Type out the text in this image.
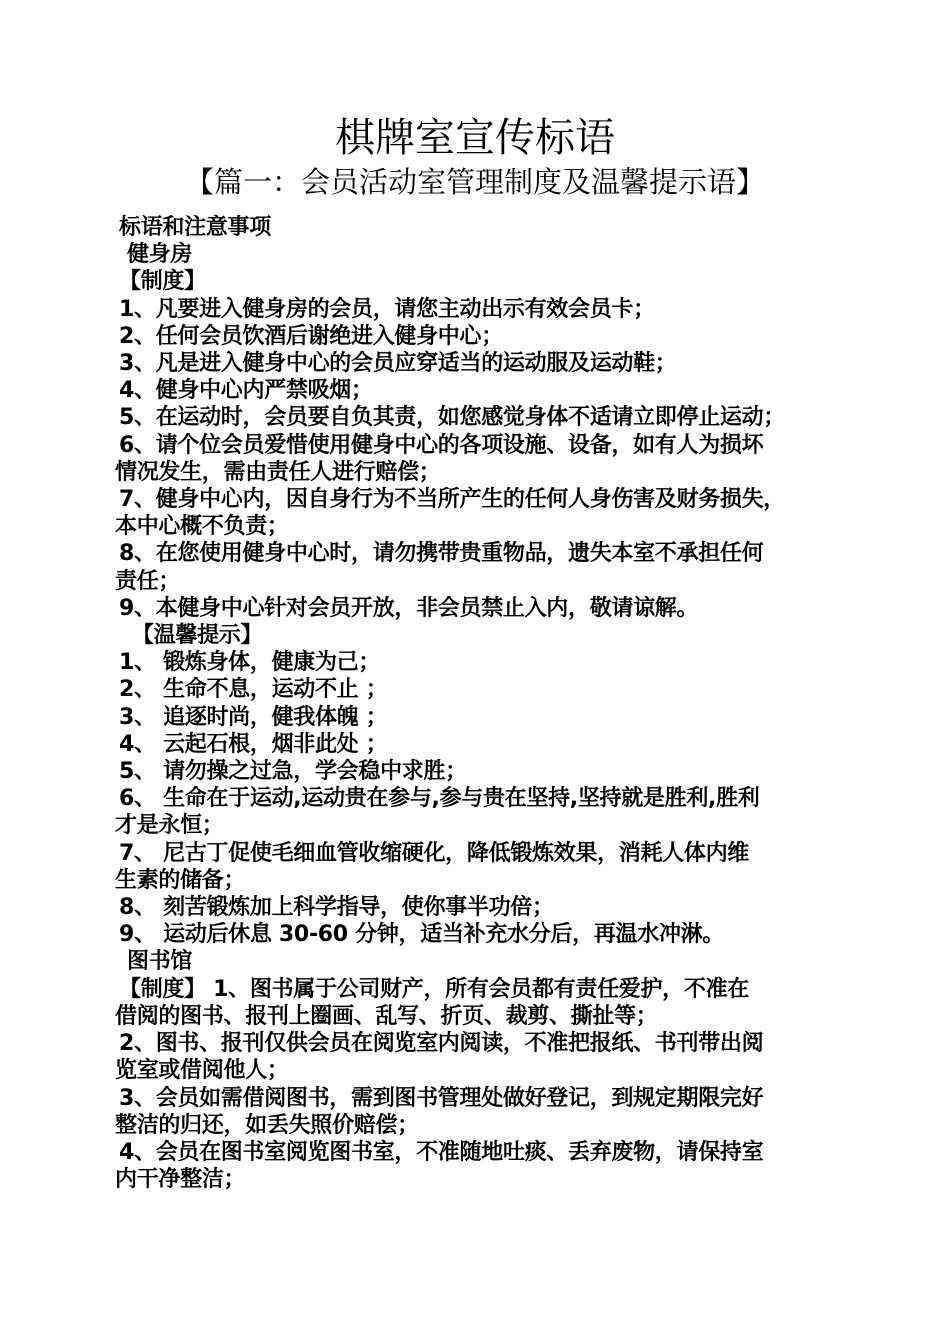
棋牌室宣传标语
【篇一：会员活动室管理制度及温馨提示语】
标语和注意事项
健身房
【制度】
1、凡要进入健身房的会员，请您主动出示有效会员卡；
2、任何会员饮酒后谢绝进入健身中心；
3、凡是进入健身中心的会员应穿适当的运动服及运动鞋；
4、健身中心内严禁吸烟；
5、在运动时，会员要自负其责，如您感觉身体不适请立即停止运动；
6、请个位会员爱惜使用健身中心的各项设施、设备，如有人为损坏
情况发生，需由责任人进行赔偿；
7、健身中心内，因自身行为不当所产生的任何人身伤害及财务损失，
本中心概不负责；
8、在您使用健身中心时，请勿携带贵重物品，遗失本室不承担任何
责任；
9、本健身中心针对会员开放，非会员禁止入内，敬请谅解。
【温馨提示】
1、 锻炼身体，健康为己；
2、 生命不息，运动不止 ；
3、 追逐时尚，健我体魄 ；
4、 云起石根，烟非此处 ；
5、 请勿操之过急，学会稳中求胜；
6、 生命在于运动,运动贵在参与,参与贵在坚持,坚持就是胜利,胜利
才是永恒；
7、 尼古丁促使毛细血管收缩硬化，降低锻炼效果，消耗人体内维
生素的储备；
8、 刻苦锻炼加上科学指导，使你事半功倍；
9、 运动后休息 30-60 分钟，适当补充水分后，再温水冲淋。
图书馆
【制度】 1、图书属于公司财产，所有会员都有责任爱护，不准在
借阅的图书、报刊上圈画、乱写、折页、裁剪、撕扯等；
2、图书、报刊仅供会员在阅览室内阅读，不准把报纸、书刊带出阅
览室或借阅他人；
3、会员如需借阅图书，需到图书管理处做好登记，到规定期限完好
整洁的归还，如丢失照价赔偿；
4、会员在图书室阅览图书室，不准随地吐痰、丢弃废物，请保持室
内干净整洁；
